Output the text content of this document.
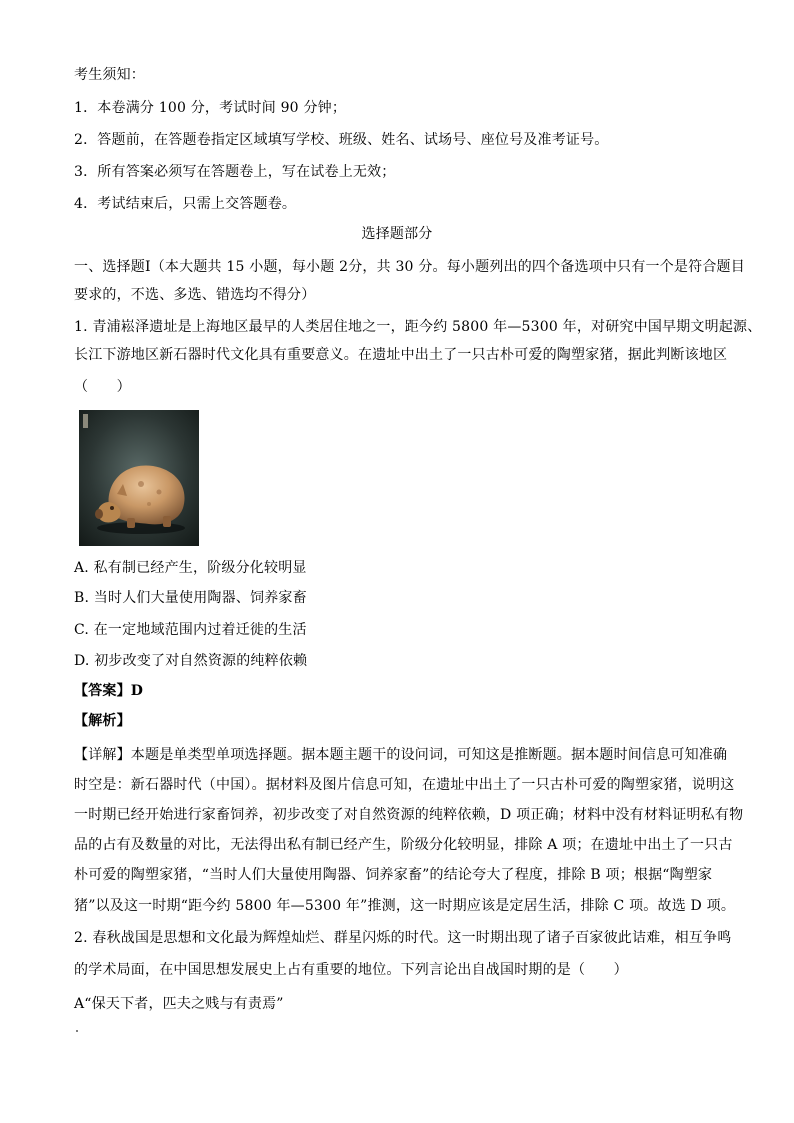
考生须知：
1．本卷满分 100 分，考试时间 90 分钟；
2．答题前，在答题卷指定区域填写学校、班级、姓名、试场号、座位号及准考证号。
3．所有答案必须写在答题卷上，写在试卷上无效；
4．考试结束后，只需上交答题卷。
选择题部分
一、选择题Ⅰ（本大题共 15 小题，每小题 2分，共 30 分。每小题列出的四个备选项中只有一个是符合题目
要求的，不选、多选、错选均不得分）
1. 青浦崧泽遗址是上海地区最早的人类居住地之一，距今约 5800 年—5300 年，对研究中国早期文明起源、
长江下游地区新石器时代文化具有重要意义。在遗址中出土了一只古朴可爱的陶塑家猪，据此判断该地区
（　　）
A. 私有制已经产生，阶级分化较明显
B. 当时人们大量使用陶器、饲养家畜
C. 在一定地域范围内过着迁徙的生活
D. 初步改变了对自然资源的纯粹依赖
【答案】D
【解析】
【详解】本题是单类型单项选择题。据本题主题干的设问词，可知这是推断题。据本题时间信息可知准确
时空是：新石器时代（中国）。据材料及图片信息可知，在遗址中出土了一只古朴可爱的陶塑家猪，说明这
一时期已经开始进行家畜饲养，初步改变了对自然资源的纯粹依赖，D 项正确；材料中没有材料证明私有物
品的占有及数量的对比，无法得出私有制已经产生，阶级分化较明显，排除 A 项；在遗址中出土了一只古
朴可爱的陶塑家猪，“当时人们大量使用陶器、饲养家畜”的结论夸大了程度，排除 B 项；根据“陶塑家
猪”以及这一时期“距今约 5800 年—5300 年”推测，这一时期应该是定居生活，排除 C 项。故选 D 项。
2. 春秋战国是思想和文化最为辉煌灿烂、群星闪烁的时代。这一时期出现了诸子百家彼此诘难，相互争鸣
的学术局面，在中国思想发展史上占有重要的地位。下列言论出自战国时期的是（　　）
A“保天下者，匹夫之贱与有责焉”
